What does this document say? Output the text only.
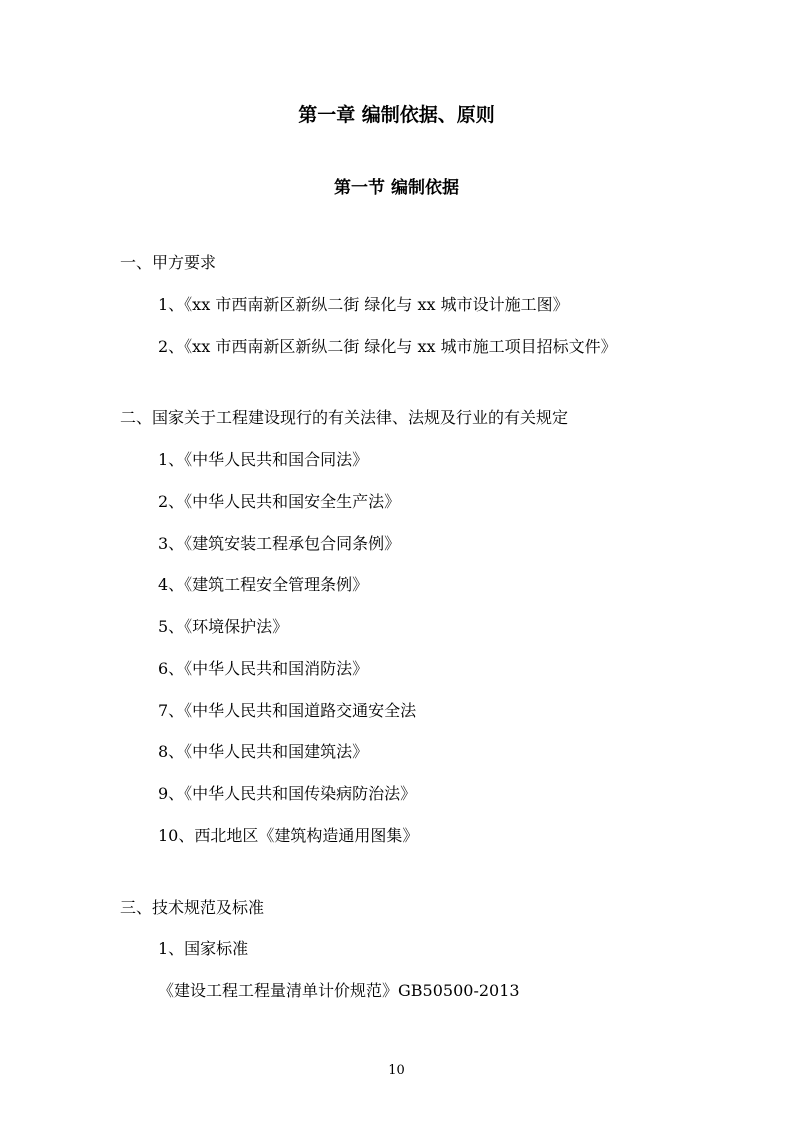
第一章 编制依据、原则
第一节 编制依据
一、甲方要求
1、《xx 市西南新区新纵二街 绿化与 xx 城市设计施工图》
2、《xx 市西南新区新纵二街 绿化与 xx 城市施工项目招标文件》
二、国家关于工程建设现行的有关法律、法规及行业的有关规定
1、《中华人民共和国合同法》
2、《中华人民共和国安全生产法》
3、《建筑安装工程承包合同条例》
4、《建筑工程安全管理条例》
5、《环境保护法》
6、《中华人民共和国消防法》
7、《中华人民共和国道路交通安全法
8、《中华人民共和国建筑法》
9、《中华人民共和国传染病防治法》
10、西北地区《建筑构造通用图集》
三、技术规范及标准
1、国家标准
《建设工程工程量清单计价规范》GB50500-2013
10
